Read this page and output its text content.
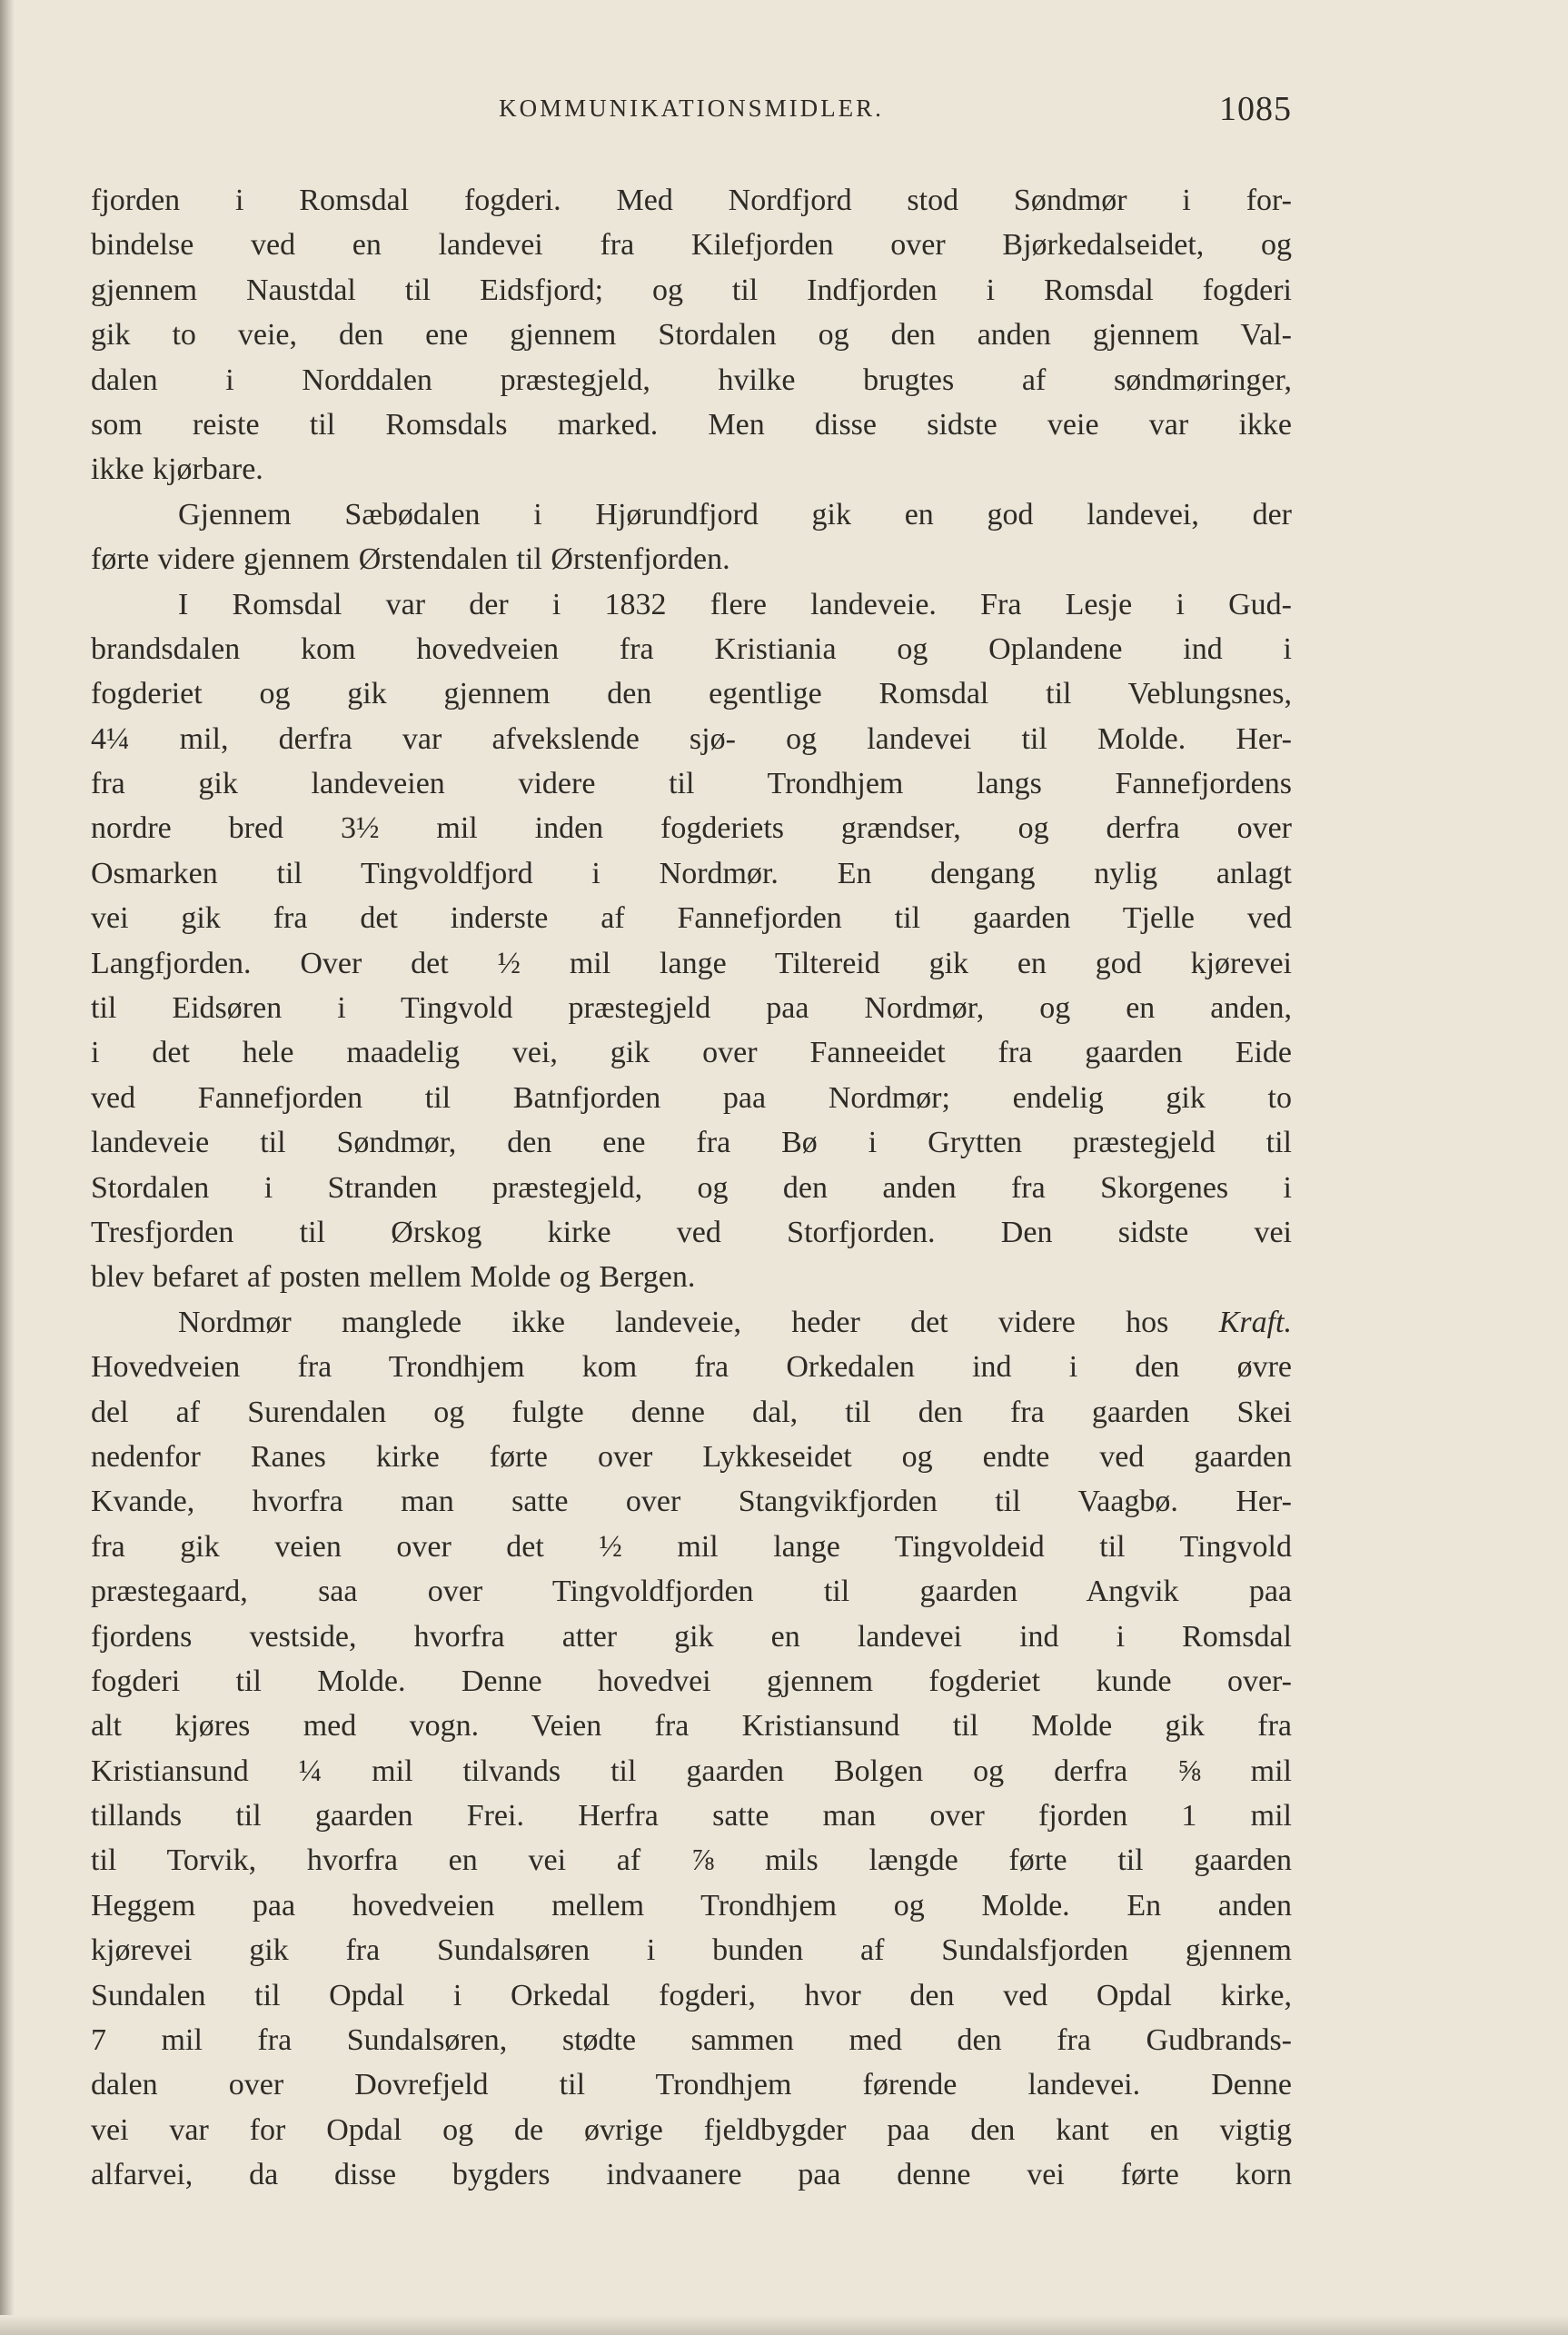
KOMMUNIKATIONSMIDLER.	1085
fjorden i Romsdal fogderi. Med Nordfjord stod Søndmør i for-
bindelse ved en landevei fra Kilefjorden over Bjørkedalseidet, og
gjennem Naustdal til Eidsfjord; og til Indfjorden i Romsdal fogderi
gik to veie, den ene gjennem Stordalen og den anden gjennem Val-
dalen i Norddalen præstegjeld, hvilke brugtes af søndmøringer,
som reiste til Romsdals marked. Men disse sidste veie var ikke
ikke kjørbare.
Gjennem Sæbødalen i Hjørundfjord gik en god landevei, der
førte videre gjennem Ørstendalen til Ørstenfjorden.
I Romsdal var der i 1832 flere landeveie. Fra Lesje i Gud-
brandsdalen kom hovedveien fra Kristiania og Oplandene ind i
fogderiet og gik gjennem den egentlige Romsdal til Veblungsnes,
4¼ mil, derfra var afvekslende sjø- og landevei til Molde. Her-
fra gik landeveien videre til Trondhjem langs Fannefjordens
nordre bred 3½ mil inden fogderiets grændser, og derfra over
Osmarken til Tingvoldfjord i Nordmør. En dengang nylig anlagt
vei gik fra det inderste af Fannefjorden til gaarden Tjelle ved
Langfjorden. Over det ½ mil lange Tiltereid gik en god kjørevei
til Eidsøren i Tingvold præstegjeld paa Nordmør, og en anden,
i det hele maadelig vei, gik over Fanneeidet fra gaarden Eide
ved Fannefjorden til Batnfjorden paa Nordmør; endelig gik to
landeveie til Søndmør, den ene fra Bø i Grytten præstegjeld til
Stordalen i Stranden præstegjeld, og den anden fra Skorgenes i
Tresfjorden til Ørskog kirke ved Storfjorden. Den sidste vei
blev befaret af posten mellem Molde og Bergen.
Nordmør manglede ikke landeveie, heder det videre hos Kraft.
Hovedveien fra Trondhjem kom fra Orkedalen ind i den øvre
del af Surendalen og fulgte denne dal, til den fra gaarden Skei
nedenfor Ranes kirke førte over Lykkeseidet og endte ved gaarden
Kvande, hvorfra man satte over Stangvikfjorden til Vaagbø. Her-
fra gik veien over det ½ mil lange Tingvoldeid til Tingvold
præstegaard, saa over Tingvoldfjorden til gaarden Angvik paa
fjordens vestside, hvorfra atter gik en landevei ind i Romsdal
fogderi til Molde. Denne hovedvei gjennem fogderiet kunde over-
alt kjøres med vogn. Veien fra Kristiansund til Molde gik fra
Kristiansund ¼ mil tilvands til gaarden Bolgen og derfra ⅝ mil
tillands til gaarden Frei. Herfra satte man over fjorden 1 mil
til Torvik, hvorfra en vei af ⅞ mils længde førte til gaarden
Heggem paa hovedveien mellem Trondhjem og Molde. En anden
kjørevei gik fra Sundalsøren i bunden af Sundalsfjorden gjennem
Sundalen til Opdal i Orkedal fogderi, hvor den ved Opdal kirke,
7 mil fra Sundalsøren, stødte sammen med den fra Gudbrands-
dalen over Dovrefjeld til Trondhjem førende landevei. Denne
vei var for Opdal og de øvrige fjeldbygder paa den kant en vigtig
alfarvei, da disse bygders indvaanere paa denne vei førte korn
